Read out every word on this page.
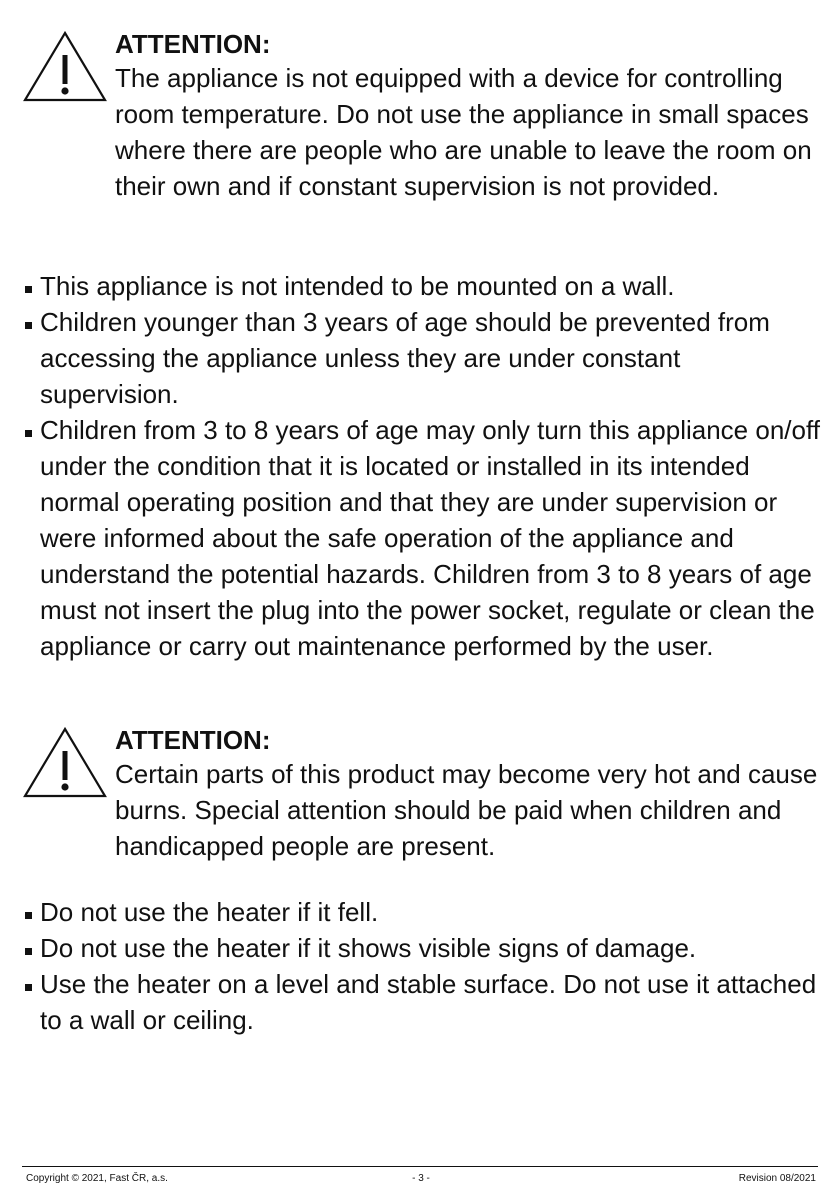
ATTENTION:
The appliance is not equipped with a device for controlling room temperature. Do not use the appliance in small spaces where there are people who are unable to leave the room on their own and if constant supervision is not provided.
This appliance is not intended to be mounted on a wall.
Children younger than 3 years of age should be prevented from accessing the appliance unless they are under constant supervision.
Children from 3 to 8 years of age may only turn this appliance on/off under the condition that it is located or installed in its intended normal operating position and that they are under supervision or were informed about the safe operation of the appliance and understand the potential hazards. Children from 3 to 8 years of age must not insert the plug into the power socket, regulate or clean the appliance or carry out maintenance performed by the user.
ATTENTION:
Certain parts of this product may become very hot and cause burns. Special attention should be paid when children and handicapped people are present.
Do not use the heater if it fell.
Do not use the heater if it shows visible signs of damage.
Use the heater on a level and stable surface. Do not use it attached to a wall or ceiling.
Copyright © 2021, Fast ČR, a.s.	- 3 -	Revision 08/2021
